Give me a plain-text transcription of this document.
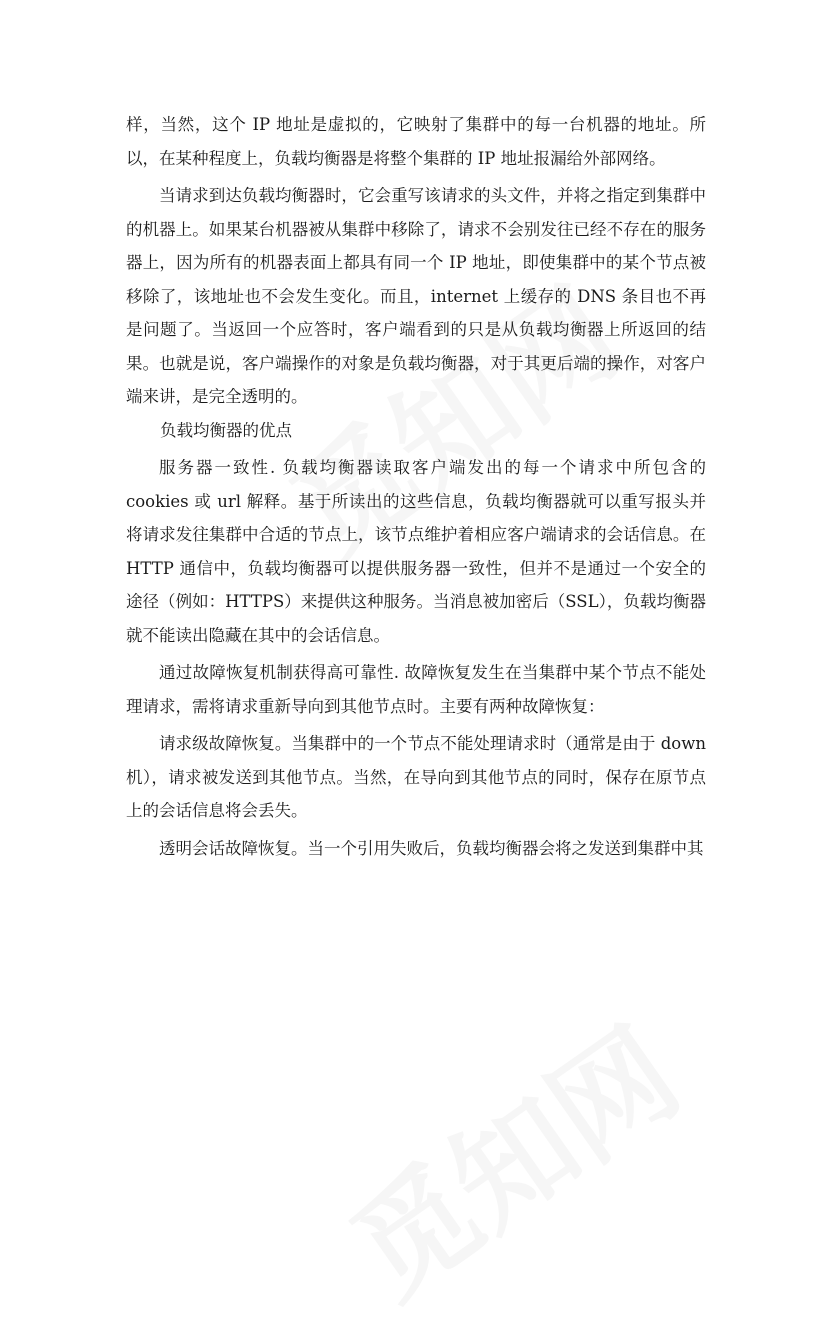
样，当然，这个 IP 地址是虚拟的，它映射了集群中的每一台机器的地址。所以，在某种程度上，负载均衡器是将整个集群的 IP 地址报漏给外部网络。

当请求到达负载均衡器时，它会重写该请求的头文件，并将之指定到集群中的机器上。如果某台机器被从集群中移除了，请求不会别发往已经不存在的服务器上，因为所有的机器表面上都具有同一个 IP 地址，即使集群中的某个节点被移除了，该地址也不会发生变化。而且，internet 上缓存的 DNS 条目也不再是问题了。当返回一个应答时，客户端看到的只是从负载均衡器上所返回的结果。也就是说，客户端操作的对象是负载均衡器，对于其更后端的操作，对客户端来讲，是完全透明的。

负载均衡器的优点

服务器一致性. 负载均衡器读取客户端发出的每一个请求中所包含的 cookies 或 url 解释。基于所读出的这些信息，负载均衡器就可以重写报头并将请求发往集群中合适的节点上，该节点维护着相应客户端请求的会话信息。在 HTTP 通信中，负载均衡器可以提供服务器一致性，但并不是通过一个安全的途径（例如：HTTPS）来提供这种服务。当消息被加密后（SSL），负载均衡器就不能读出隐藏在其中的会话信息。

通过故障恢复机制获得高可靠性. 故障恢复发生在当集群中某个节点不能处理请求，需将请求重新导向到其他节点时。主要有两种故障恢复：

请求级故障恢复。当集群中的一个节点不能处理请求时（通常是由于 down 机），请求被发送到其他节点。当然，在导向到其他节点的同时，保存在原节点上的会话信息将会丢失。

透明会话故障恢复。当一个引用失败后，负载均衡器会将之发送到集群中其
